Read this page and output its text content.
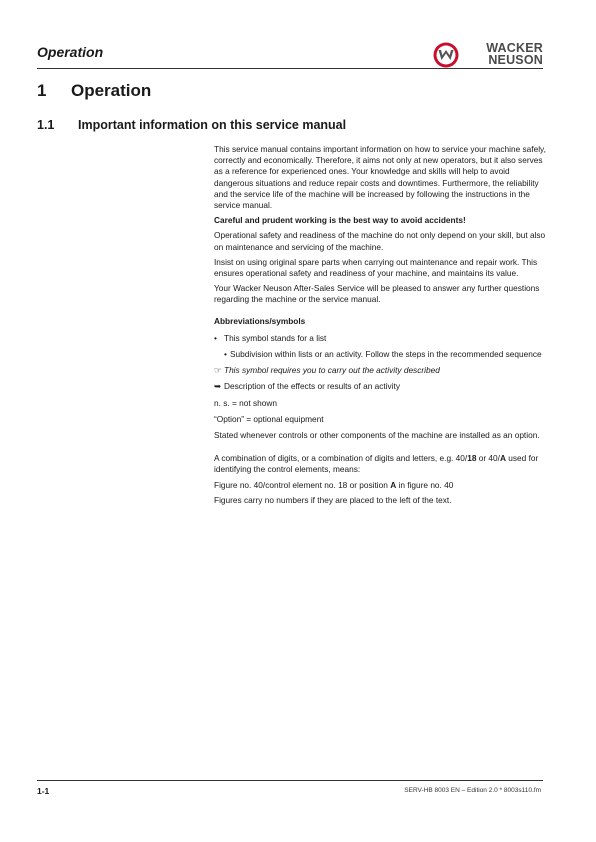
Operation	WACKER
NEUSON
1 Operation
1.1 Important information on this service manual

This service manual contains important information on how to service your machine safely, correctly and economically. Therefore, it aims not only at new operators, but it also serves as a reference for experienced ones. Your knowledge and skills will help to avoid dangerous situations and reduce repair costs and downtimes. Furthermore, the reliability and the service life of the machine will be increased by following the instructions in the service manual.

Careful and prudent working is the best way to avoid accidents!

Operational safety and readiness of the machine do not only depend on your skill, but also on maintenance and servicing of the machine.

Insist on using original spare parts when carrying out maintenance and repair work. This ensures operational safety and readiness of your machine, and maintains its value.

Your Wacker Neuson After-Sales Service will be pleased to answer any further questions regarding the machine or the service manual.

Abbreviations/symbols

• This symbol stands for a list

• Subdivision within lists or an activity. Follow the steps in the recommended sequence

☞ This symbol requires you to carry out the activity described

➥ Description of the effects or results of an activity

n. s. = not shown

“Option” = optional equipment

Stated whenever controls or other components of the machine are installed as an option.

A combination of digits, or a combination of digits and letters, e.g. 40/18 or 40/A used for identifying the control elements, means:

Figure no. 40/control element no. 18 or position A in figure no. 40

Figures carry no numbers if they are placed to the left of the text.

1-1	SERV-HB 8003 EN – Edition 2.0 * 8003s110.fm
